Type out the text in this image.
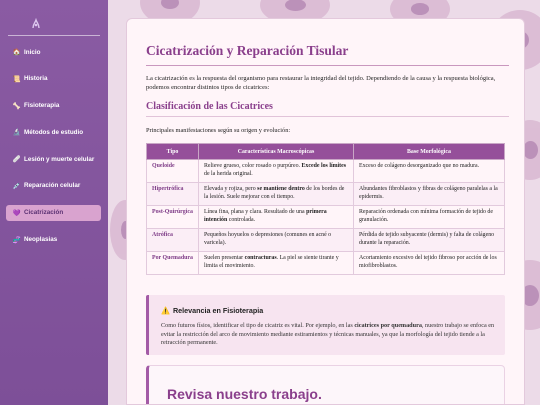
🏠 Inicio
📜 Historia
🦴 Fisioterapia
🔬 Métodos de estudio
🩹 Lesión y muerte celular
💉 Reparación celular
💜 Cicatrización
🧬 Neoplasias
Cicatrización y Reparación Tisular

La cicatrización es la respuesta del organismo para restaurar la integridad del tejido. Dependiendo de la causa y la respuesta biológica, podemos encontrar distintos tipos de cicatrices:

Clasificación de las Cicatrices

Principales manifestaciones según su origen y evolución:

Tipo	Características Macroscópicas	Base Morfológica
Queloide	Relieve grueso, color rosado o purpúreo. Excede los límites de la herida original.	Exceso de colágeno desorganizado que no madura.
Hipertrófica	Elevada y rojiza, pero se mantiene dentro de los bordes de la lesión. Suele mejorar con el tiempo.	Abundantes fibroblastos y fibras de colágeno paralelas a la epidermis.
Post-Quirúrgica	Línea fina, plana y clara. Resultado de una primera intención controlada.	Reparación ordenada con mínima formación de tejido de granulación.
Atrófica	Pequeños hoyuelos o depresiones (comunes en acné o varicela).	Pérdida de tejido subyacente (dermis) y falta de colágeno durante la reparación.
Por Quemadura	Suelen presentar contracturas. La piel se siente tirante y limita el movimiento.	Acortamiento excesivo del tejido fibroso por acción de los miofibroblastos.
⚠️ Relevancia en Fisioterapia

Como futuros físios, identificar el tipo de cicatriz es vital. Por ejemplo, en las cicatrices por quemadura, nuestro trabajo se enfoca en evitar la restricción del arco de movimiento mediante estiramientos y técnicas manuales, ya que la morfología del tejido tiende a la retracción permanente.

Revisa nuestro trabajo.
